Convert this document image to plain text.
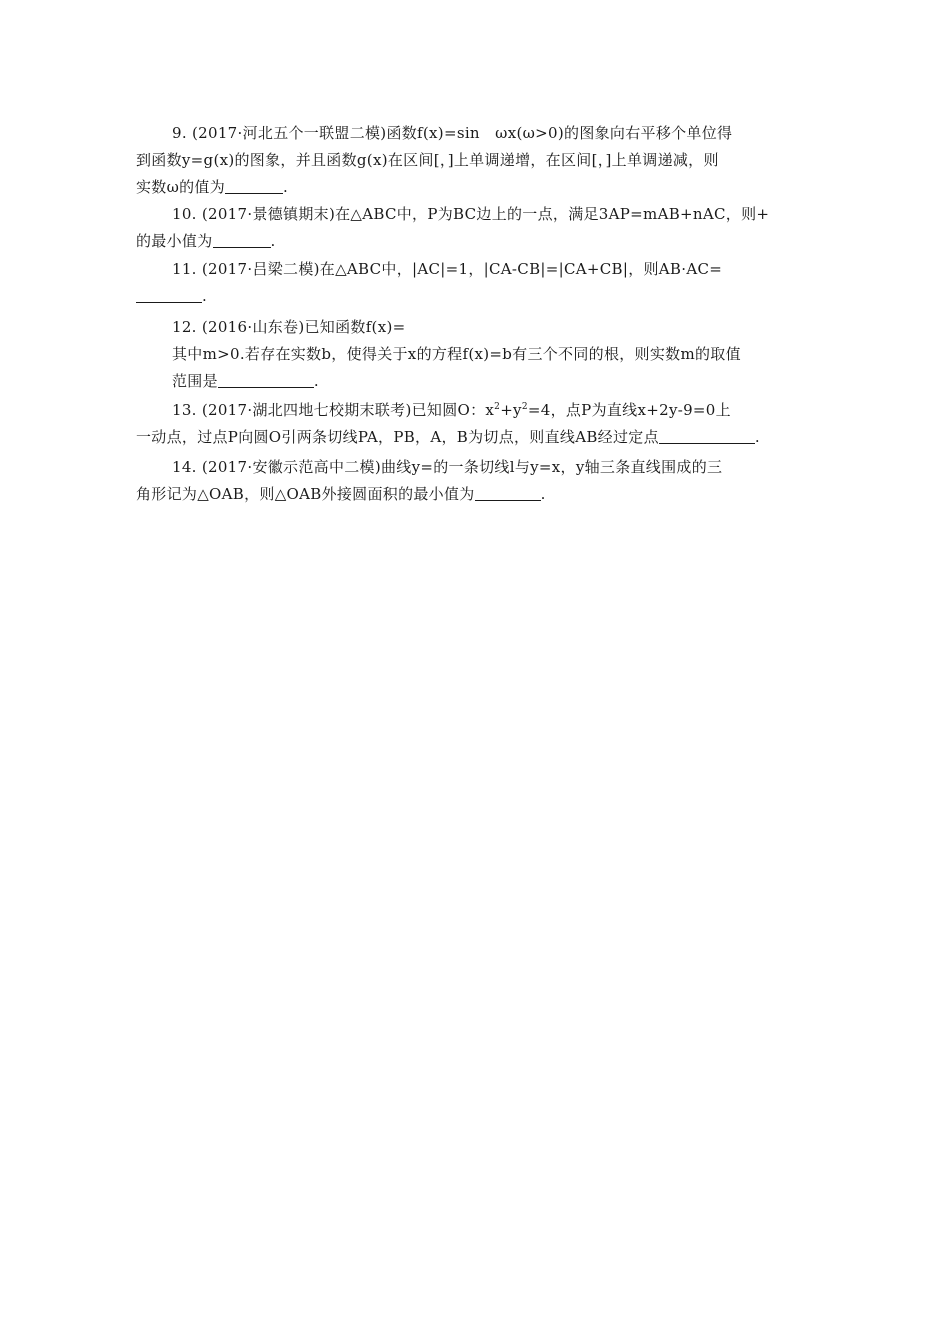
9. (2017·河北五个一联盟二模)函数f(x)=sin　ωx(ω>0)的图象向右平移个单位得
到函数y=g(x)的图象，并且函数g(x)在区间[，]上单调递增，在区间[，]上单调递减，则
实数ω的值为	.
10. (2017·景德镇期末)在△ABC中，P为BC边上的一点，满足3AP=mAB+nAC，则+
的最小值为	.
11. (2017·吕梁二模)在△ABC中，|AC|=1，|CA-CB|=|CA+CB|，则AB·AC=
.
12. (2016·山东卷)已知函数f(x)=
其中m>0.若存在实数b，使得关于x的方程f(x)=b有三个不同的根，则实数m的取值
范围是	.
13. (2017·湖北四地七校期末联考)已知圆O：$x^2+y^2=4$，点P为直线x+2y-9=0上
一动点，过点P向圆O引两条切线PA，PB，A，B为切点，则直线AB经过定点	.
14. (2017·安徽示范高中二模)曲线y=的一条切线l与y=x，y轴三条直线围成的三
角形记为△OAB，则△OAB外接圆面积的最小值为	.
